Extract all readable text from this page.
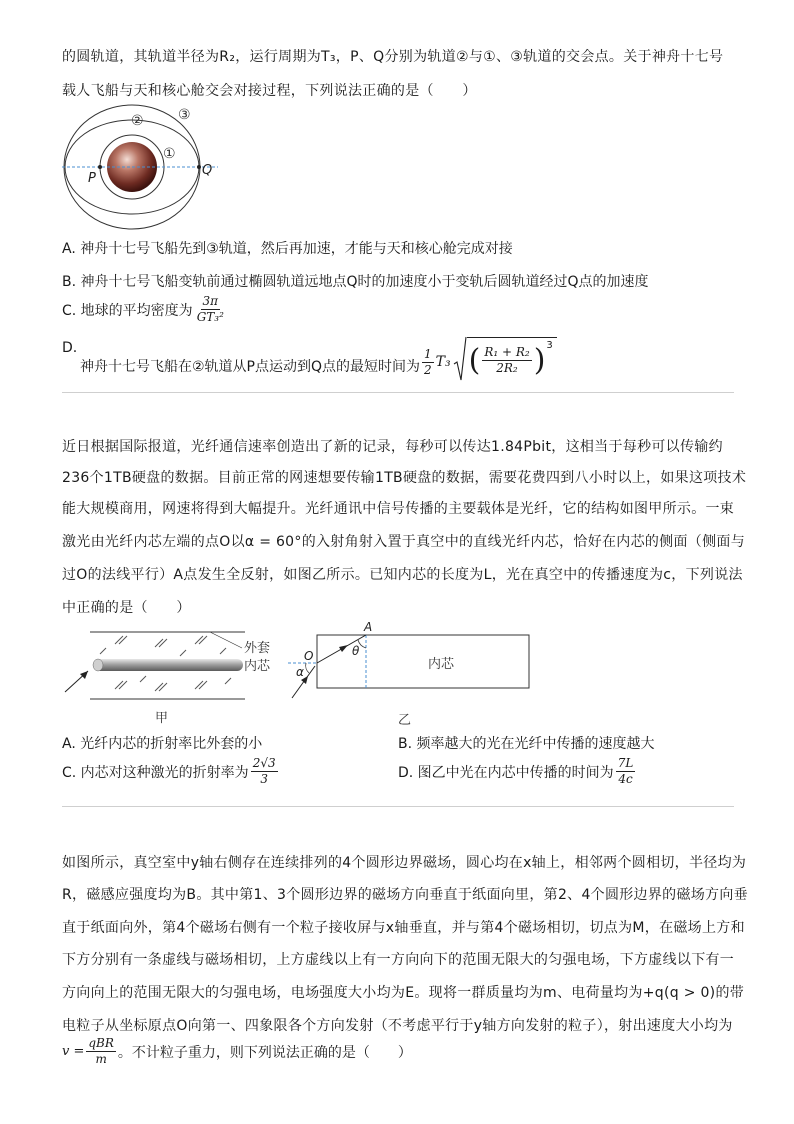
的圆轨道，其轨道半径为R₂，运行周期为T₃，P、Q分别为轨道②与①、③轨道的交会点。关于神舟十七号
载人飞船与天和核心舱交会对接过程，下列说法正确的是（　　）
③
②
①
P
Q
A. 神舟十七号飞船先到③轨道，然后再加速，才能与天和核心舱完成对接
B. 神舟十七号飞船变轨前通过椭圆轨道远地点Q时的加速度小于变轨后圆轨道经过Q点的加速度
C. 地球的平均密度为 $\frac{3\pi}{\text{GT₃²}}$
D.
神舟十七号飞船在②轨道从P点运动到Q点的最短时间为 $\frac{1}{2} T_3$ ( $\frac{\text{R₁ + R₂}}{\text{2R₂}} )^3$
近日根据国际报道，光纤通信速率创造出了新的记录，每秒可以传达1.84Pbit，这相当于每秒可以传输约
236个1TB硬盘的数据。目前正常的网速想要传输1TB硬盘的数据，需要花费四到八小时以上，如果这项技术
能大规模商用，网速将得到大幅提升。光纤通讯中信号传播的主要载体是光纤，它的结构如图甲所示。一束
激光由光纤内芯左端的点O以α = 60°的入射角射入置于真空中的直线光纤内芯，恰好在内芯的侧面（侧面与
过O的法线平行）A点发生全反射，如图乙所示。已知内芯的长度为L，光在真空中的传播速度为c，下列说法
中正确的是（　　）
外套
内芯
甲
A
O	θ
α	内芯
乙
A. 光纤内芯的折射率比外套的小	B. 频率越大的光在光纤中传播的速度越大
C. 内芯对这种激光的折射率为 $\frac{2√3}{3}$	D. 图乙中光在内芯中传播的时间为 $\frac{7L}{4c}$
如图所示，真空室中y轴右侧存在连续排列的4个圆形边界磁场，圆心均在x轴上，相邻两个圆相切，半径均为
R，磁感应强度均为B。其中第1、3个圆形边界的磁场方向垂直于纸面向里，第2、4个圆形边界的磁场方向垂
直于纸面向外，第4个磁场右侧有一个粒子接收屏与x轴垂直，并与第4个磁场相切，切点为M，在磁场上方和
下方分别有一条虚线与磁场相切，上方虚线以上有一方向向下的范围无限大的匀强电场，下方虚线以下有一
方向向上的范围无限大的匀强电场，电场强度大小均为E。现将一群质量均为m、电荷量均为+q(q > 0)的带
电粒子从坐标原点O向第一、四象限各个方向发射（不考虑平行于y轴方向发射的粒子），射出速度大小均为
$v = \frac{\text{qBR}}{m}$ 。不计粒子重力，则下列说法正确的是（　　）
